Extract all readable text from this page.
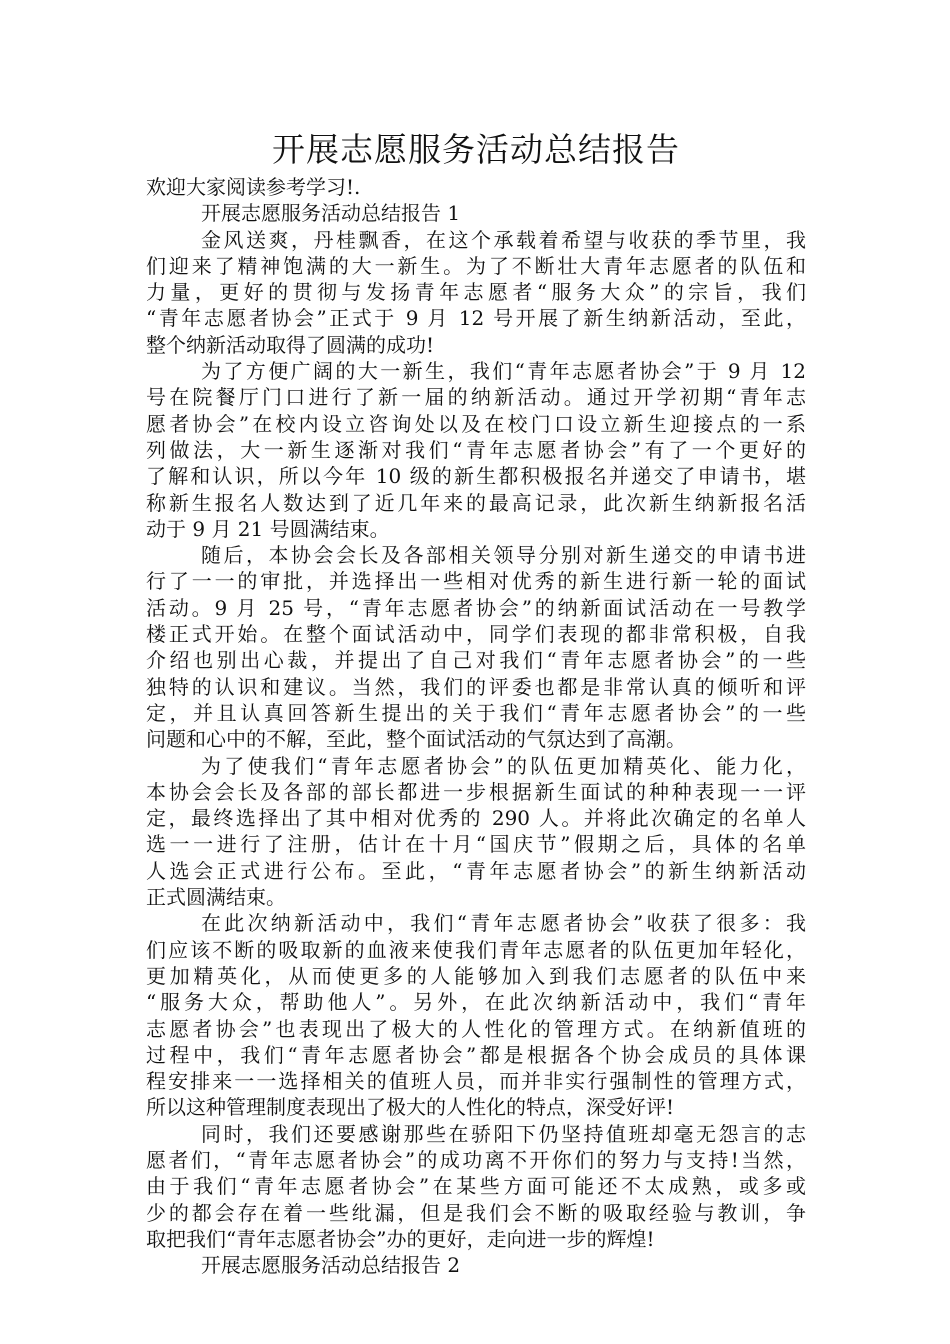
开展志愿服务活动总结报告

欢迎大家阅读参考学习!.

开展志愿服务活动总结报告 1

金风送爽，丹桂飘香，在这个承载着希望与收获的季节里，我

们迎来了精神饱满的大一新生。为了不断壮大青年志愿者的队伍和

力量，更好的贯彻与发扬青年志愿者“服务大众”的宗旨，我们

“青年志愿者协会”正式于 9 月 12 号开展了新生纳新活动，至此，

整个纳新活动取得了圆满的成功!

为了方便广阔的大一新生，我们“青年志愿者协会”于 9 月 12

号在院餐厅门口进行了新一届的纳新活动。通过开学初期“青年志

愿者协会”在校内设立咨询处以及在校门口设立新生迎接点的一系

列做法，大一新生逐渐对我们“青年志愿者协会”有了一个更好的

了解和认识，所以今年 10 级的新生都积极报名并递交了申请书，堪

称新生报名人数达到了近几年来的最高记录，此次新生纳新报名活

动于 9 月 21 号圆满结束。

随后，本协会会长及各部相关领导分别对新生递交的申请书进

行了一一的审批，并选择出一些相对优秀的新生进行新一轮的面试

活动。9 月 25 号，“青年志愿者协会”的纳新面试活动在一号教学

楼正式开始。在整个面试活动中，同学们表现的都非常积极，自我

介绍也别出心裁，并提出了自己对我们“青年志愿者协会”的一些

独特的认识和建议。当然，我们的评委也都是非常认真的倾听和评

定，并且认真回答新生提出的关于我们“青年志愿者协会”的一些

问题和心中的不解，至此，整个面试活动的气氛达到了高潮。

为了使我们“青年志愿者协会”的队伍更加精英化、能力化，

本协会会长及各部的部长都进一步根据新生面试的种种表现一一评

定，最终选择出了其中相对优秀的 290 人。并将此次确定的名单人

选一一进行了注册，估计在十月“国庆节”假期之后，具体的名单

人选会正式进行公布。至此，“青年志愿者协会”的新生纳新活动

正式圆满结束。

在此次纳新活动中，我们“青年志愿者协会”收获了很多：我

们应该不断的吸取新的血液来使我们青年志愿者的队伍更加年轻化，

更加精英化，从而使更多的人能够加入到我们志愿者的队伍中来

“服务大众，帮助他人”。另外，在此次纳新活动中，我们“青年

志愿者协会”也表现出了极大的人性化的管理方式。在纳新值班的

过程中，我们“青年志愿者协会”都是根据各个协会成员的具体课

程安排来一一选择相关的值班人员，而并非实行强制性的管理方式，

所以这种管理制度表现出了极大的人性化的特点，深受好评!

同时，我们还要感谢那些在骄阳下仍坚持值班却毫无怨言的志

愿者们，“青年志愿者协会”的成功离不开你们的努力与支持!当然，

由于我们“青年志愿者协会”在某些方面可能还不太成熟，或多或

少的都会存在着一些纰漏，但是我们会不断的吸取经验与教训，争

取把我们“青年志愿者协会”办的更好，走向进一步的辉煌!

开展志愿服务活动总结报告 2
